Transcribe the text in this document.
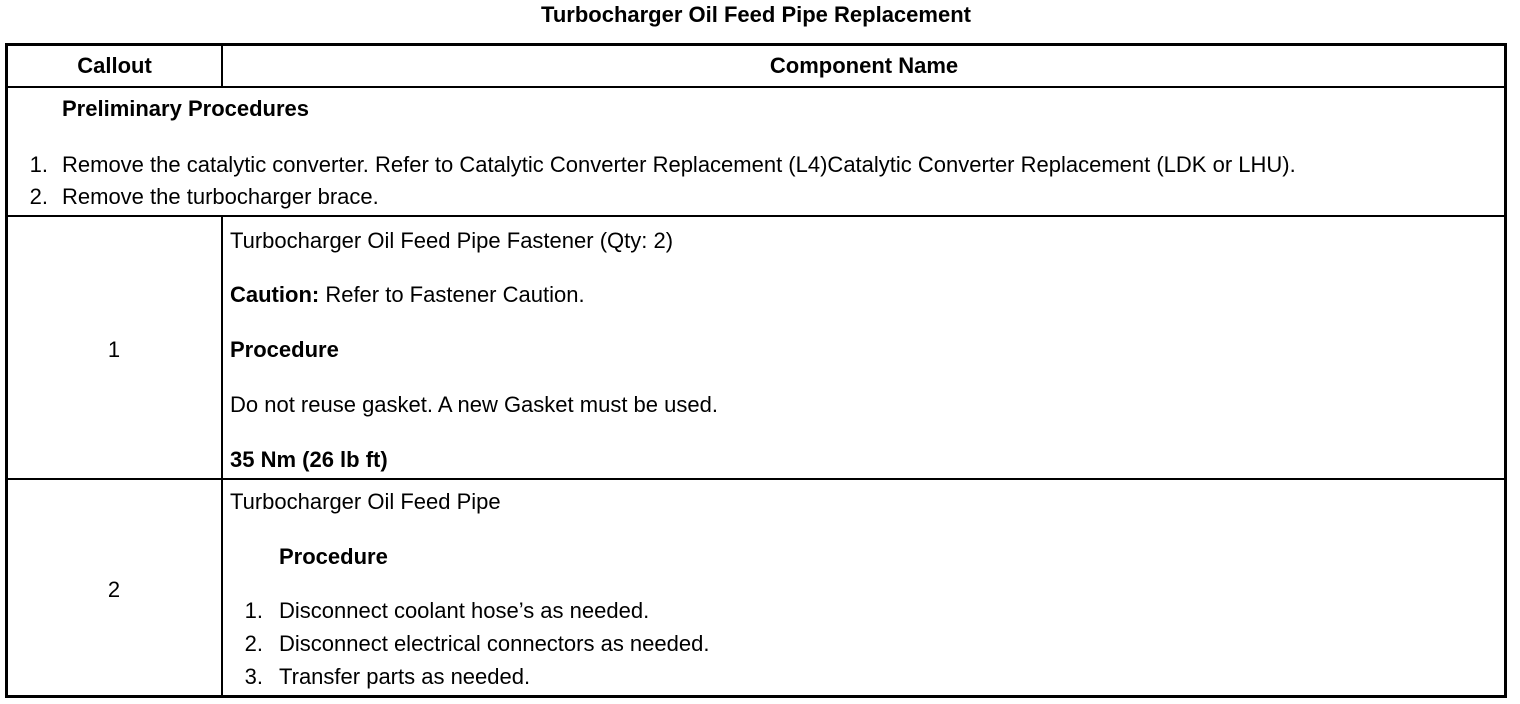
Turbocharger Oil Feed Pipe Replacement
Callout	Component Name
Preliminary Procedures
1. Remove the catalytic converter. Refer to Catalytic Converter Replacement (L4)Catalytic Converter Replacement (LDK or LHU).
2. Remove the turbocharger brace.
1
Turbocharger Oil Feed Pipe Fastener (Qty: 2)
Caution: Refer to Fastener Caution.
Procedure
Do not reuse gasket. A new Gasket must be used.
35 Nm (26 lb ft)
2
Turbocharger Oil Feed Pipe
Procedure
1. Disconnect coolant hose’s as needed.
2. Disconnect electrical connectors as needed.
3. Transfer parts as needed.
